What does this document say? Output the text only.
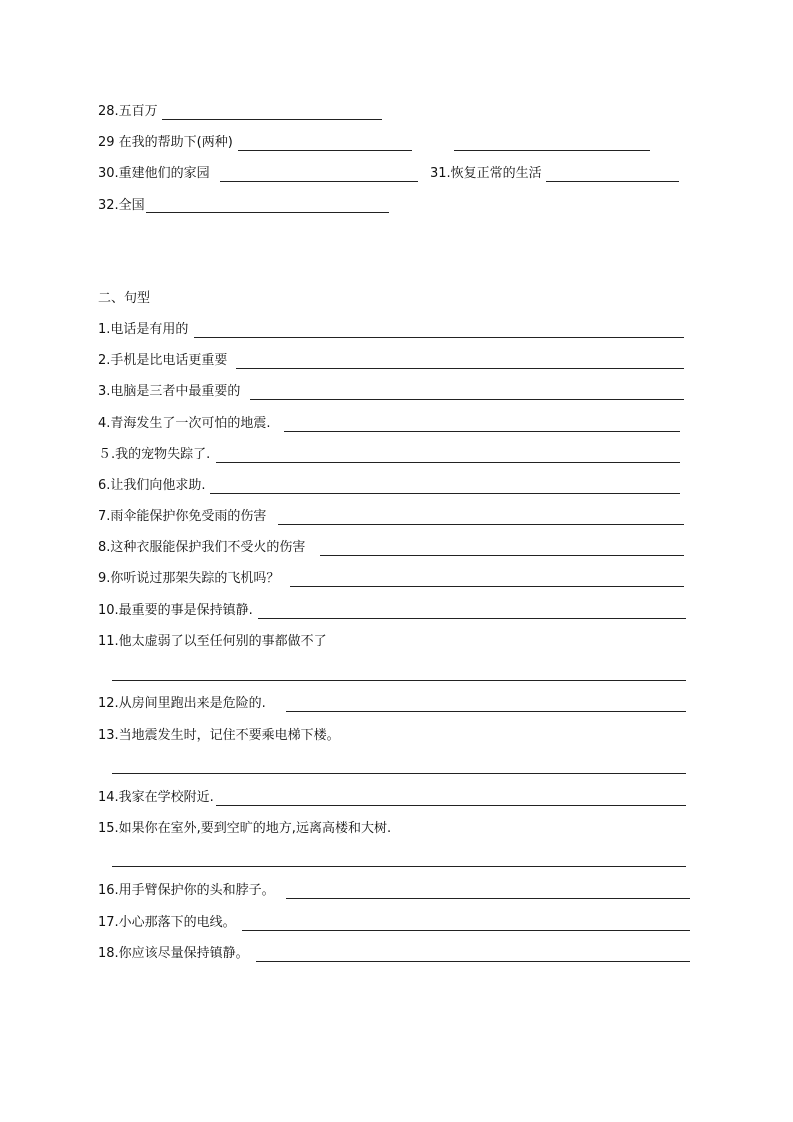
28.五百万
29 在我的帮助下(两种)
30.重建他们的家园	31.恢复正常的生活
32.全国
二、句型
1.电话是有用的
2.手机是比电话更重要
3.电脑是三者中最重要的
4.青海发生了一次可怕的地震.
５.我的宠物失踪了.
6.让我们向他求助.
7.雨伞能保护你免受雨的伤害
8.这种衣服能保护我们不受火的伤害
9.你听说过那架失踪的飞机吗？
10.最重要的事是保持镇静.
11.他太虚弱了以至任何别的事都做不了
12.从房间里跑出来是危险的.
13.当地震发生时，记住不要乘电梯下楼。
14.我家在学校附近.
15.如果你在室外,要到空旷的地方,远离高楼和大树.
16.用手臂保护你的头和脖子。
17.小心那落下的电线。
18.你应该尽量保持镇静。
